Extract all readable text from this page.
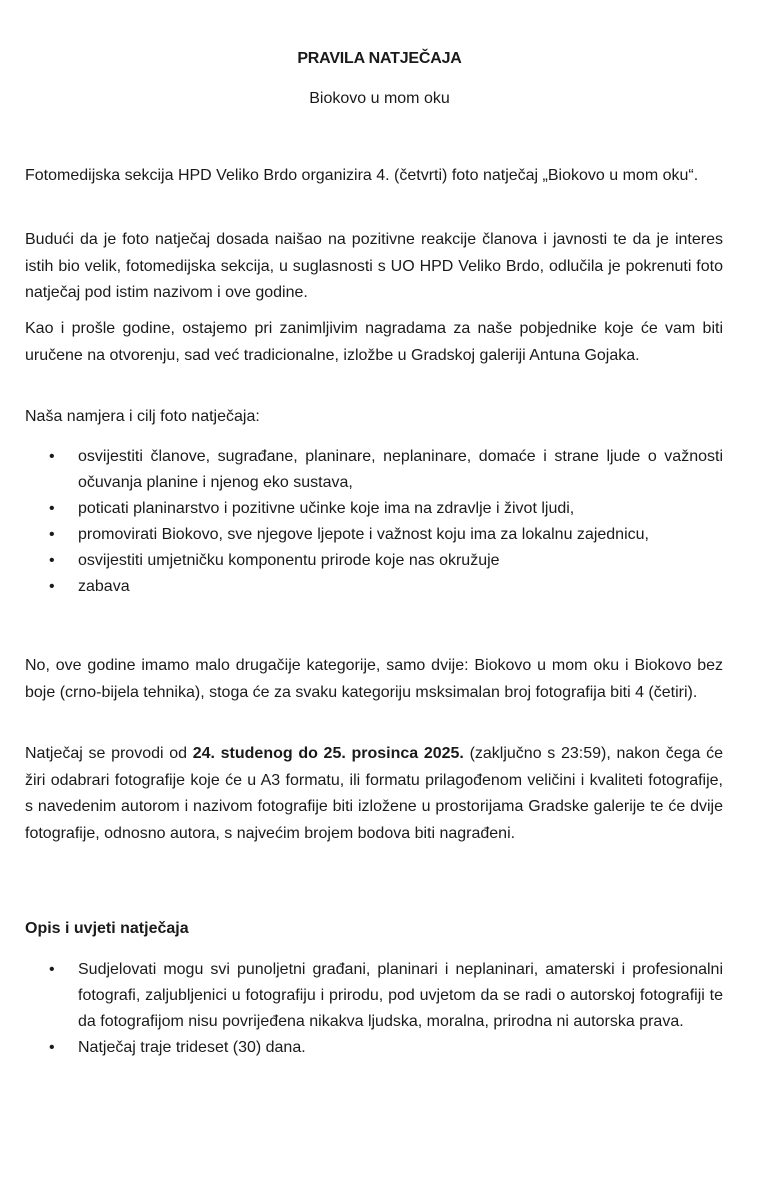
PRAVILA NATJEČAJA
Biokovo u mom oku
Fotomedijska sekcija HPD Veliko Brdo organizira 4. (četvrti) foto natječaj „Biokovo u mom oku“.
Budući da je foto natječaj dosada naišao na pozitivne reakcije članova i javnosti te da je interes istih bio velik, fotomedijska sekcija, u suglasnosti s UO HPD Veliko Brdo, odlučila je pokrenuti foto natječaj pod istim nazivom i ove godine.
Kao i prošle godine, ostajemo pri zanimljivim nagradama za naše pobjednike koje će vam biti uručene na otvorenju, sad već tradicionalne, izložbe u Gradskoj galeriji Antuna Gojaka.
Naša namjera i cilj foto natječaja:
• osvijestiti članove, sugrađane, planinare, neplaninare, domaće i strane ljude o važnosti očuvanja planine i njenog eko sustava,
• poticati planinarstvo i pozitivne učinke koje ima na zdravlje i život ljudi,
• promovirati Biokovo, sve njegove ljepote i važnost koju ima za lokalnu zajednicu,
• osvijestiti umjetničku komponentu prirode koje nas okružuje
• zabava
No, ove godine imamo malo drugačije kategorije, samo dvije: Biokovo u mom oku i Biokovo bez boje (crno-bijela tehnika), stoga će za svaku kategoriju msksimalan broj fotografija biti 4 (četiri).
Natječaj se provodi od 24. studenog do 25. prosinca 2025. (zaključno s 23:59), nakon čega će žiri odabrari fotografije koje će u A3 formatu, ili formatu prilagođenom veličini i kvaliteti fotografije, s navedenim autorom i nazivom fotografije biti izložene u prostorijama Gradske galerije te će dvije fotografije, odnosno autora, s najvećim brojem bodova biti nagrađeni.
Opis i uvjeti natječaja
• Sudjelovati mogu svi punoljetni građani, planinari i neplaninari, amaterski i profesionalni fotografi, zaljubljenici u fotografiju i prirodu, pod uvjetom da se radi o autorskoj fotografiji te da fotografijom nisu povrijeđena nikakva ljudska, moralna, prirodna ni autorska prava.
• Natječaj traje trideset (30) dana.
